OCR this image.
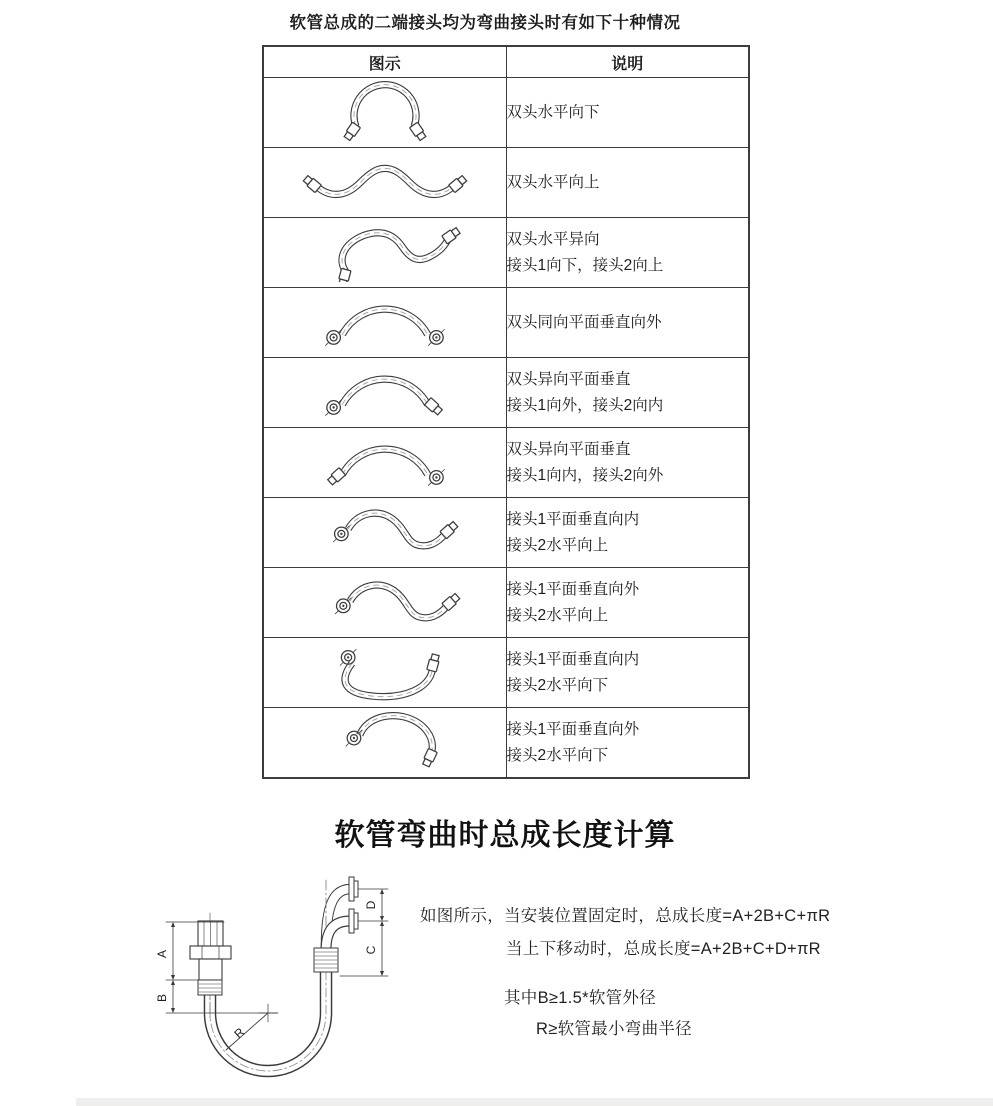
软管总成的二端接头均为弯曲接头时有如下十种情况
图示	说明

双头水平向下

双头水平向上

双头水平异向
接头1向下，接头2向上

双头同向平面垂直向外

双头异向平面垂直
接头1向外，接头2向内

双头异向平面垂直
接头1向内，接头2向外

接头1平面垂直向内
接头2水平向上

接头1平面垂直向外
接头2水平向上

接头1平面垂直向内
接头2水平向下

接头1平面垂直向外
接头2水平向下
软管弯曲时总成长度计算
如图所示，当安装位置固定时，总成长度=A+2B+C+πR
当上下移动时，总成长度=A+2B+C+D+πR
其中B≥1.5*软管外径
R≥软管最小弯曲半径
A
B
D
C
R
